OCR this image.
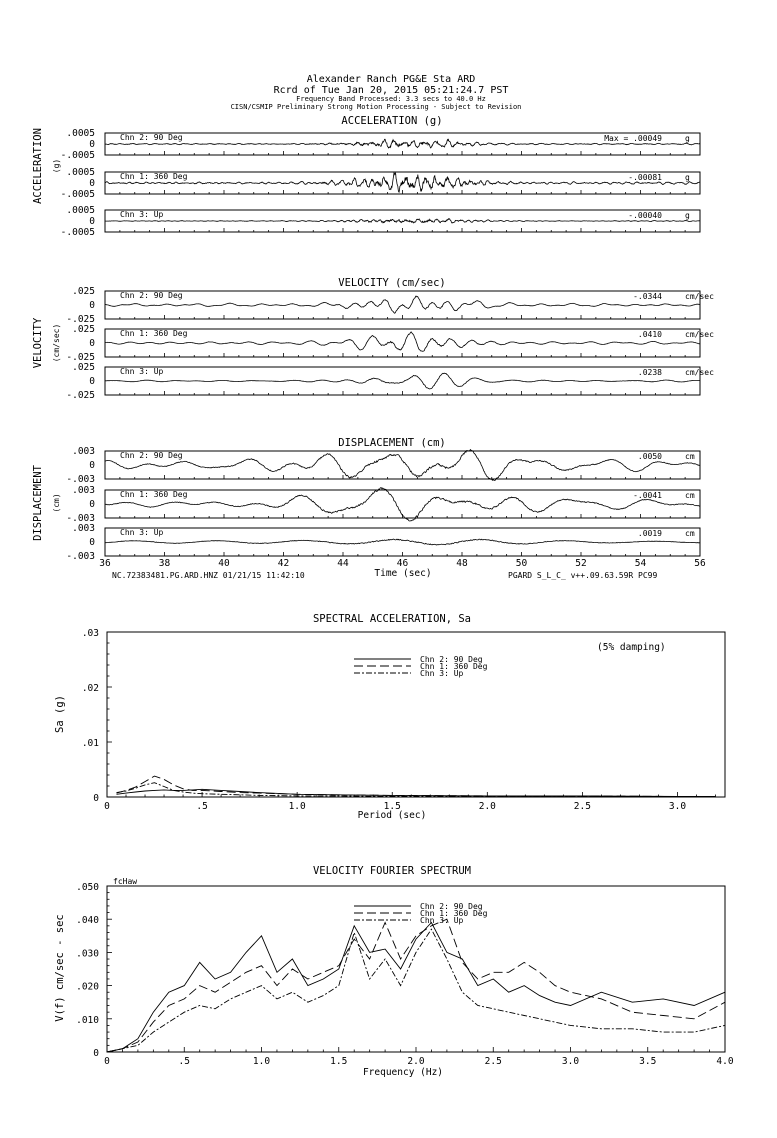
Alexander Ranch PG&E Sta ARD
Rcrd of Tue Jan 20, 2015 05:21:24.7 PST
Frequency Band Processed: 3.3 secs to 40.0 Hz
CISN/CSMIP Preliminary Strong Motion Processing - Subject to Revision
ACCELERATION (g)
ACCELERATION (g)
.0005
0
-.0005
Chn 2: 90 Deg	Max = .00049	g
.0005
0
-.0005
Chn 1: 360 Deg	-.00081	g
.0005
0
-.0005
Chn 3: Up	-.00040	g
VELOCITY (cm/sec)
VELOCITY (cm/sec)
.025
0
-.025
Chn 2: 90 Deg	-.0344	cm/sec
.025
0
-.025
Chn 1: 360 Deg	.0410	cm/sec
.025
0
-.025
Chn 3: Up	.0238	cm/sec
DISPLACEMENT (cm)
DISPLACEMENT (cm)
.003
0
-.003
Chn 2: 90 Deg	.0050	cm
.003
0
-.003
Chn 1: 360 Deg	-.0041	cm
.003
0
-.003
Chn 3: Up	.0019	cm
36	38	40	42	44	46	48	50	52	54	56
Time (sec)
NC.72383481.PG.ARD.HNZ 01/21/15 11:42:10	PGARD S_L_C_ v++.09.63.59R PC99
SPECTRAL ACCELERATION, Sa
Sa (g)
Period (sec)
(5% damping)
0	.5	1.0	1.5	2.0	2.5	3.0
0
.01
.02
.03
Chn 2: 90 Deg
Chn 1: 360 Deg
Chn 3: Up
VELOCITY FOURIER SPECTRUM
V(f) cm/sec - sec
Frequency (Hz)
fcHaw
0	.5	1.0	1.5	2.0	2.5	3.0	3.5	4.0
0
.010
.020
.030
.040
.050
Chn 2: 90 Deg
Chn 1: 360 Deg
Chn 3: Up
